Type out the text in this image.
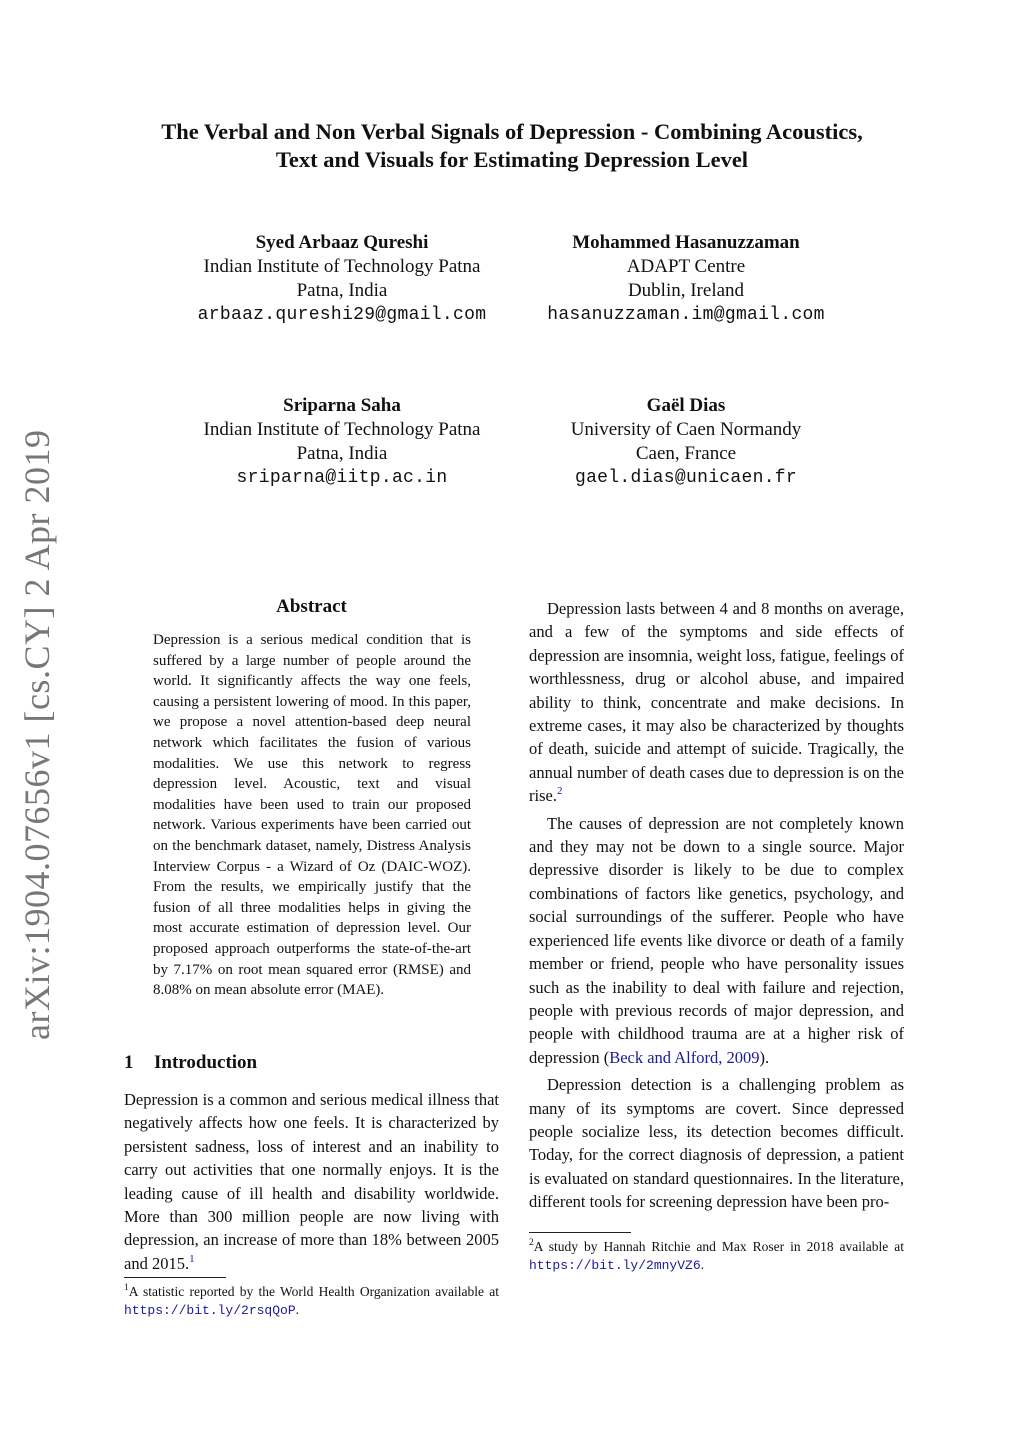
The Verbal and Non Verbal Signals of Depression - Combining Acoustics,
Text and Visuals for Estimating Depression Level
Syed Arbaaz Qureshi
Indian Institute of Technology Patna
Patna, India
arbaaz.qureshi29@gmail.com
Mohammed Hasanuzzaman
ADAPT Centre
Dublin, Ireland
hasanuzzaman.im@gmail.com
Sriparna Saha
Indian Institute of Technology Patna
Patna, India
sriparna@iitp.ac.in
Gaël Dias
University of Caen Normandy
Caen, France
gael.dias@unicaen.fr
arXiv:1904.07656v1 [cs.CY] 2 Apr 2019	Abstract

Depression is a serious medical condition that is suffered by a large number of people around the world. It significantly affects the way one feels, causing a persistent lowering of mood. In this paper, we propose a novel attention-based deep neural network which facilitates the fusion of various modalities. We use this network to regress depression level. Acoustic, text and visual modalities have been used to train our proposed network. Various experiments have been carried out on the benchmark dataset, namely, Distress Analysis Interview Corpus - a Wizard of Oz (DAIC-WOZ). From the results, we empirically justify that the fusion of all three modalities helps in giving the most accurate estimation of depression level. Our proposed approach outperforms the state-of-the-art by 7.17% on root mean squared error (RMSE) and 8.08% on mean absolute error (MAE).

1 Introduction

Depression is a common and serious medical illness that negatively affects how one feels. It is characterized by persistent sadness, loss of interest and an inability to carry out activities that one normally enjoys. It is the leading cause of ill health and disability worldwide. More than 300 million people are now living with depression, an increase of more than 18% between 2005 and 2015.$^1$

$^1$A statistic reported by the World Health Organization available at https://bit.ly/2rsqQoP.

Depression lasts between 4 and 8 months on average, and a few of the symptoms and side effects of depression are insomnia, weight loss, fatigue, feelings of worthlessness, drug or alcohol abuse, and impaired ability to think, concentrate and make decisions. In extreme cases, it may also be characterized by thoughts of death, suicide and attempt of suicide. Tragically, the annual number of death cases due to depression is on the rise.$^2$

The causes of depression are not completely known and they may not be down to a single source. Major depressive disorder is likely to be due to complex combinations of factors like genetics, psychology, and social surroundings of the sufferer. People who have experienced life events like divorce or death of a family member or friend, people who have personality issues such as the inability to deal with failure and rejection, people with previous records of major depression, and people with childhood trauma are at a higher risk of depression (Beck and Alford, 2009).

Depression detection is a challenging problem as many of its symptoms are covert. Since depressed people socialize less, its detection becomes difficult. Today, for the correct diagnosis of depression, a patient is evaluated on standard questionnaires. In the literature, different tools for screening depression have been pro-

$^2$A study by Hannah Ritchie and Max Roser in 2018 available at https://bit.ly/2mnyVZ6.
